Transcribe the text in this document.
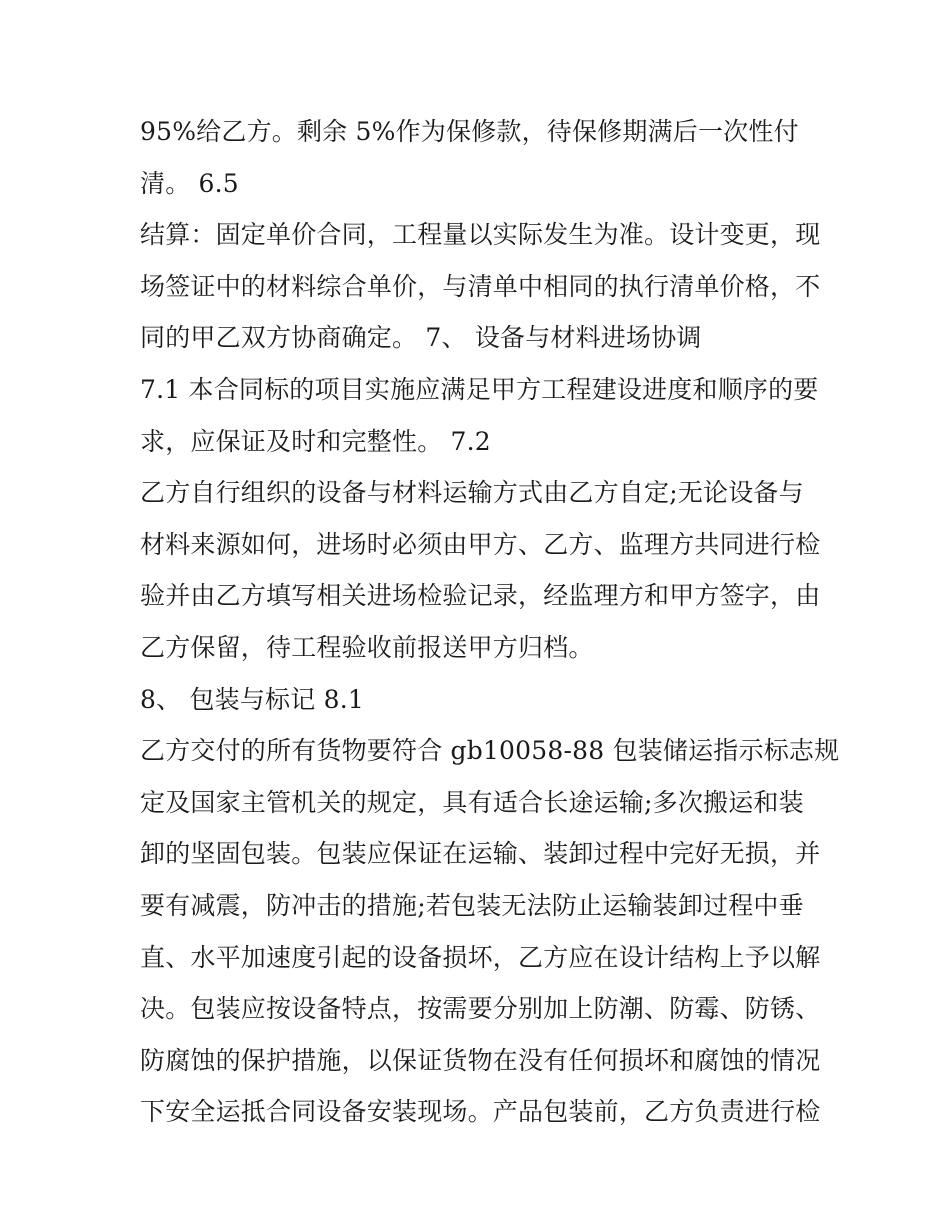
95%给乙方。剩余 5%作为保修款，待保修期满后一次性付
清。 6.5
结算：固定单价合同，工程量以实际发生为准。设计变更，现
场签证中的材料综合单价，与清单中相同的执行清单价格，不
同的甲乙双方协商确定。 7、 设备与材料进场协调
7.1 本合同标的项目实施应满足甲方工程建设进度和顺序的要
求，应保证及时和完整性。 7.2
乙方自行组织的设备与材料运输方式由乙方自定;无论设备与
材料来源如何，进场时必须由甲方、乙方、监理方共同进行检
验并由乙方填写相关进场检验记录，经监理方和甲方签字，由
乙方保留，待工程验收前报送甲方归档。
8、 包装与标记 8.1
乙方交付的所有货物要符合 gb10058-88 包装储运指示标志规
定及国家主管机关的规定，具有适合长途运输;多次搬运和装
卸的坚固包装。包装应保证在运输、装卸过程中完好无损，并
要有减震，防冲击的措施;若包装无法防止运输装卸过程中垂
直、水平加速度引起的设备损坏，乙方应在设计结构上予以解
决。包装应按设备特点，按需要分别加上防潮、防霉、防锈、
防腐蚀的保护措施，以保证货物在没有任何损坏和腐蚀的情况
下安全运抵合同设备安装现场。产品包装前，乙方负责进行检
